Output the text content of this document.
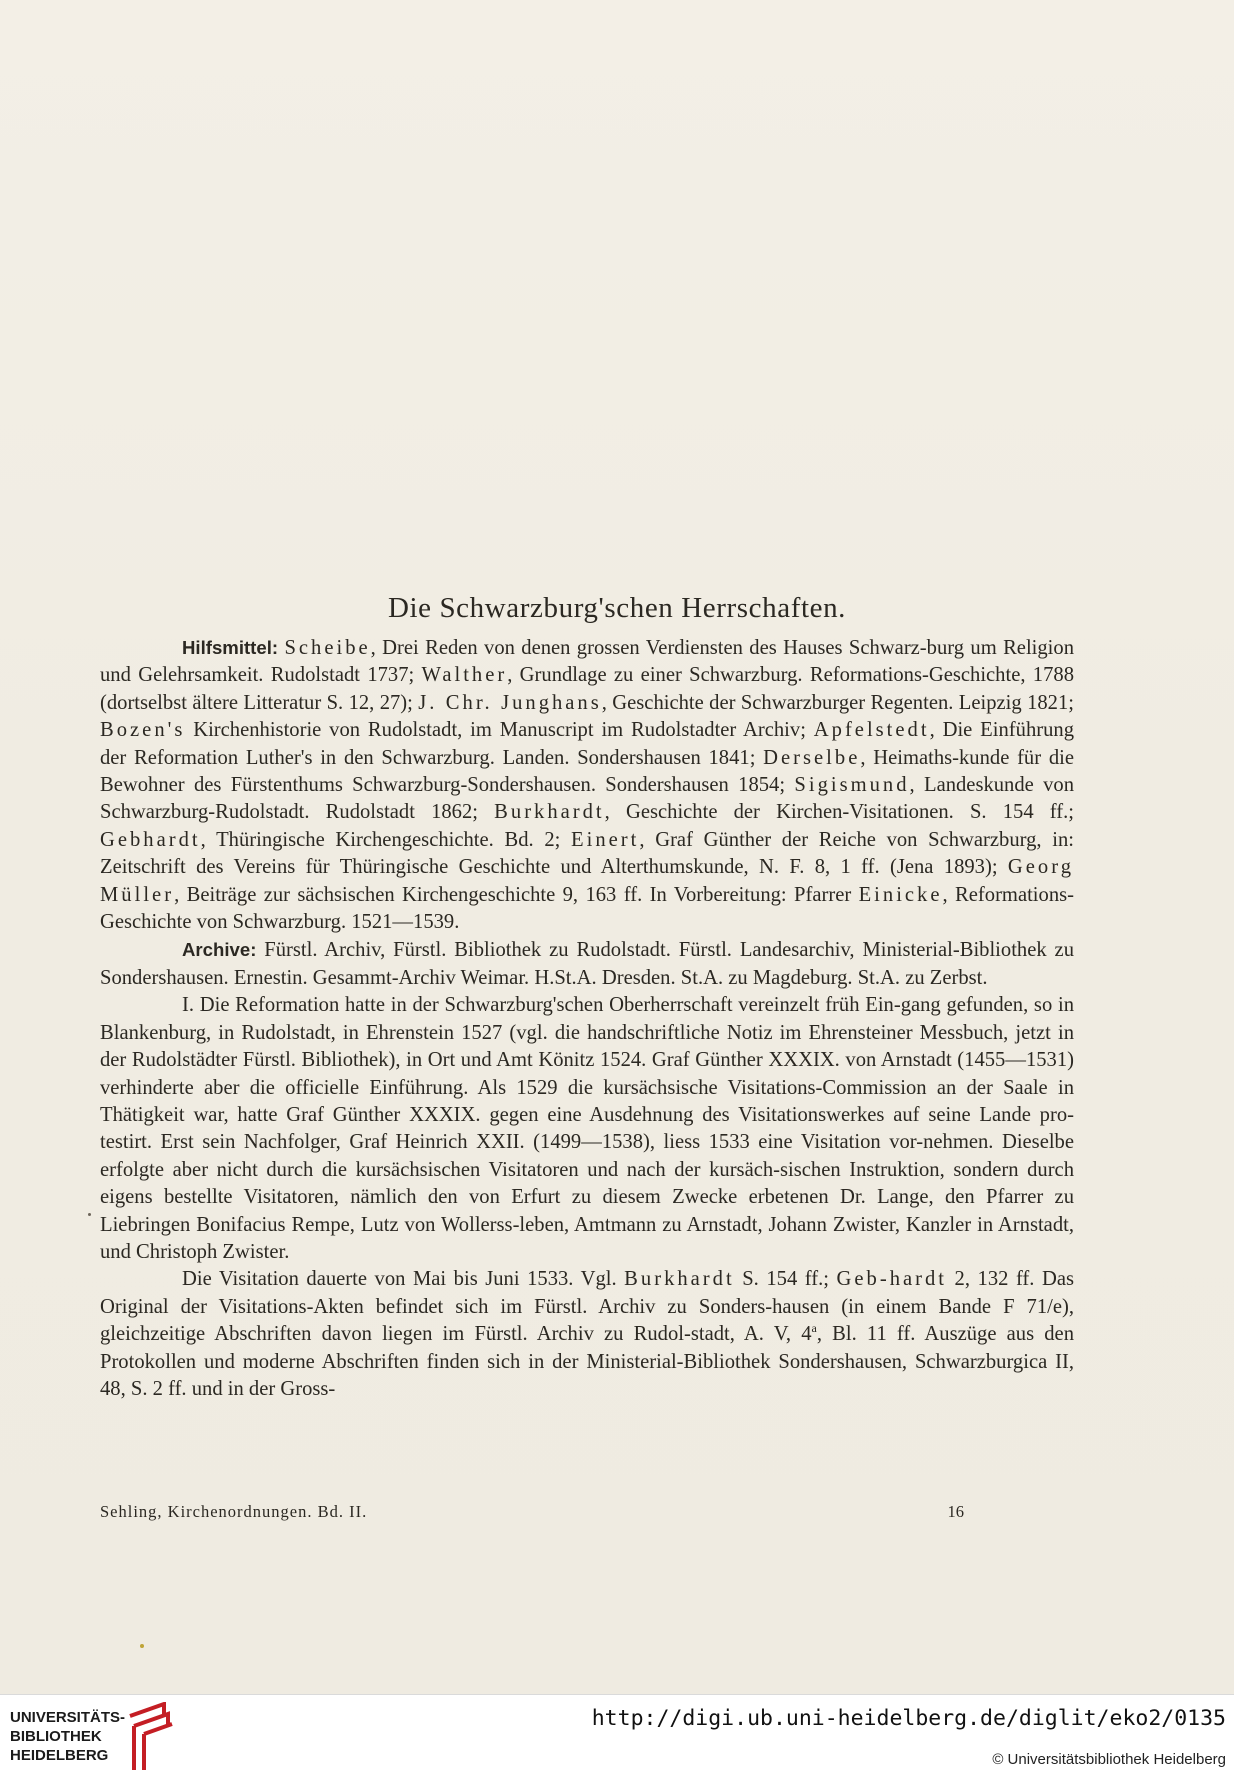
Die Schwarzburg'schen Herrschaften.

Hilfsmittel: Scheibe, Drei Reden von denen grossen Verdiensten des Hauses Schwarz-burg um Religion und Gelehrsamkeit. Rudolstadt 1737; Walther, Grundlage zu einer Schwarzburg. Reformations-Geschichte, 1788 (dortselbst ältere Litteratur S. 12, 27); J. Chr. Junghans, Geschichte der Schwarzburger Regenten. Leipzig 1821; Bozen's Kirchenhistorie von Rudolstadt, im Manuscript im Rudolstadter Archiv; Apfelstedt, Die Einführung der Reformation Luther's in den Schwarzburg. Landen. Sondershausen 1841; Derselbe, Heimaths-kunde für die Bewohner des Fürstenthums Schwarzburg-Sondershausen. Sondershausen 1854; Sigismund, Landeskunde von Schwarzburg-Rudolstadt. Rudolstadt 1862; Burkhardt, Geschichte der Kirchen-Visitationen. S. 154 ff.; Gebhardt, Thüringische Kirchengeschichte. Bd. 2; Einert, Graf Günther der Reiche von Schwarzburg, in: Zeitschrift des Vereins für Thüringische Geschichte und Alterthumskunde, N. F. 8, 1 ff. (Jena 1893); Georg Müller, Beiträge zur sächsischen Kirchengeschichte 9, 163 ff. In Vorbereitung: Pfarrer Einicke, Reformations-Geschichte von Schwarzburg. 1521—1539.

Archive: Fürstl. Archiv, Fürstl. Bibliothek zu Rudolstadt. Fürstl. Landesarchiv, Ministerial-Bibliothek zu Sondershausen. Ernestin. Gesammt-Archiv Weimar. H.St.A. Dresden. St.A. zu Magdeburg. St.A. zu Zerbst.

I. Die Reformation hatte in der Schwarzburg'schen Oberherrschaft vereinzelt früh Ein-gang gefunden, so in Blankenburg, in Rudolstadt, in Ehrenstein 1527 (vgl. die handschriftliche Notiz im Ehrensteiner Messbuch, jetzt in der Rudolstädter Fürstl. Bibliothek), in Ort und Amt Könitz 1524. Graf Günther XXXIX. von Arnstadt (1455—1531) verhinderte aber die officielle Einführung. Als 1529 die kursächsische Visitations-Commission an der Saale in Thätigkeit war, hatte Graf Günther XXXIX. gegen eine Ausdehnung des Visitationswerkes auf seine Lande pro-testirt. Erst sein Nachfolger, Graf Heinrich XXII. (1499—1538), liess 1533 eine Visitation vor-nehmen. Dieselbe erfolgte aber nicht durch die kursächsischen Visitatoren und nach der kursäch-sischen Instruktion, sondern durch eigens bestellte Visitatoren, nämlich den von Erfurt zu diesem Zwecke erbetenen Dr. Lange, den Pfarrer zu Liebringen Bonifacius Rempe, Lutz von Wollerss-leben, Amtmann zu Arnstadt, Johann Zwister, Kanzler in Arnstadt, und Christoph Zwister.

Die Visitation dauerte von Mai bis Juni 1533. Vgl. Burkhardt S. 154 ff.; Geb-hardt 2, 132 ff. Das Original der Visitations-Akten befindet sich im Fürstl. Archiv zu Sonders-hausen (in einem Bande F 71/e), gleichzeitige Abschriften davon liegen im Fürstl. Archiv zu Rudol-stadt, A. V, 4$^a$, Bl. 11 ff. Auszüge aus den Protokollen und moderne Abschriften finden sich in der Ministerial-Bibliothek Sondershausen, Schwarzburgica II, 48, S. 2 ff. und in der Gross-

Sehling, Kirchenordnungen. Bd. II.	16
UNIVERSITÄTS-
BIBLIOTHEK
HEIDELBERG
http://digi.ub.uni-heidelberg.de/diglit/eko2/0135
© Universitätsbibliothek Heidelberg
